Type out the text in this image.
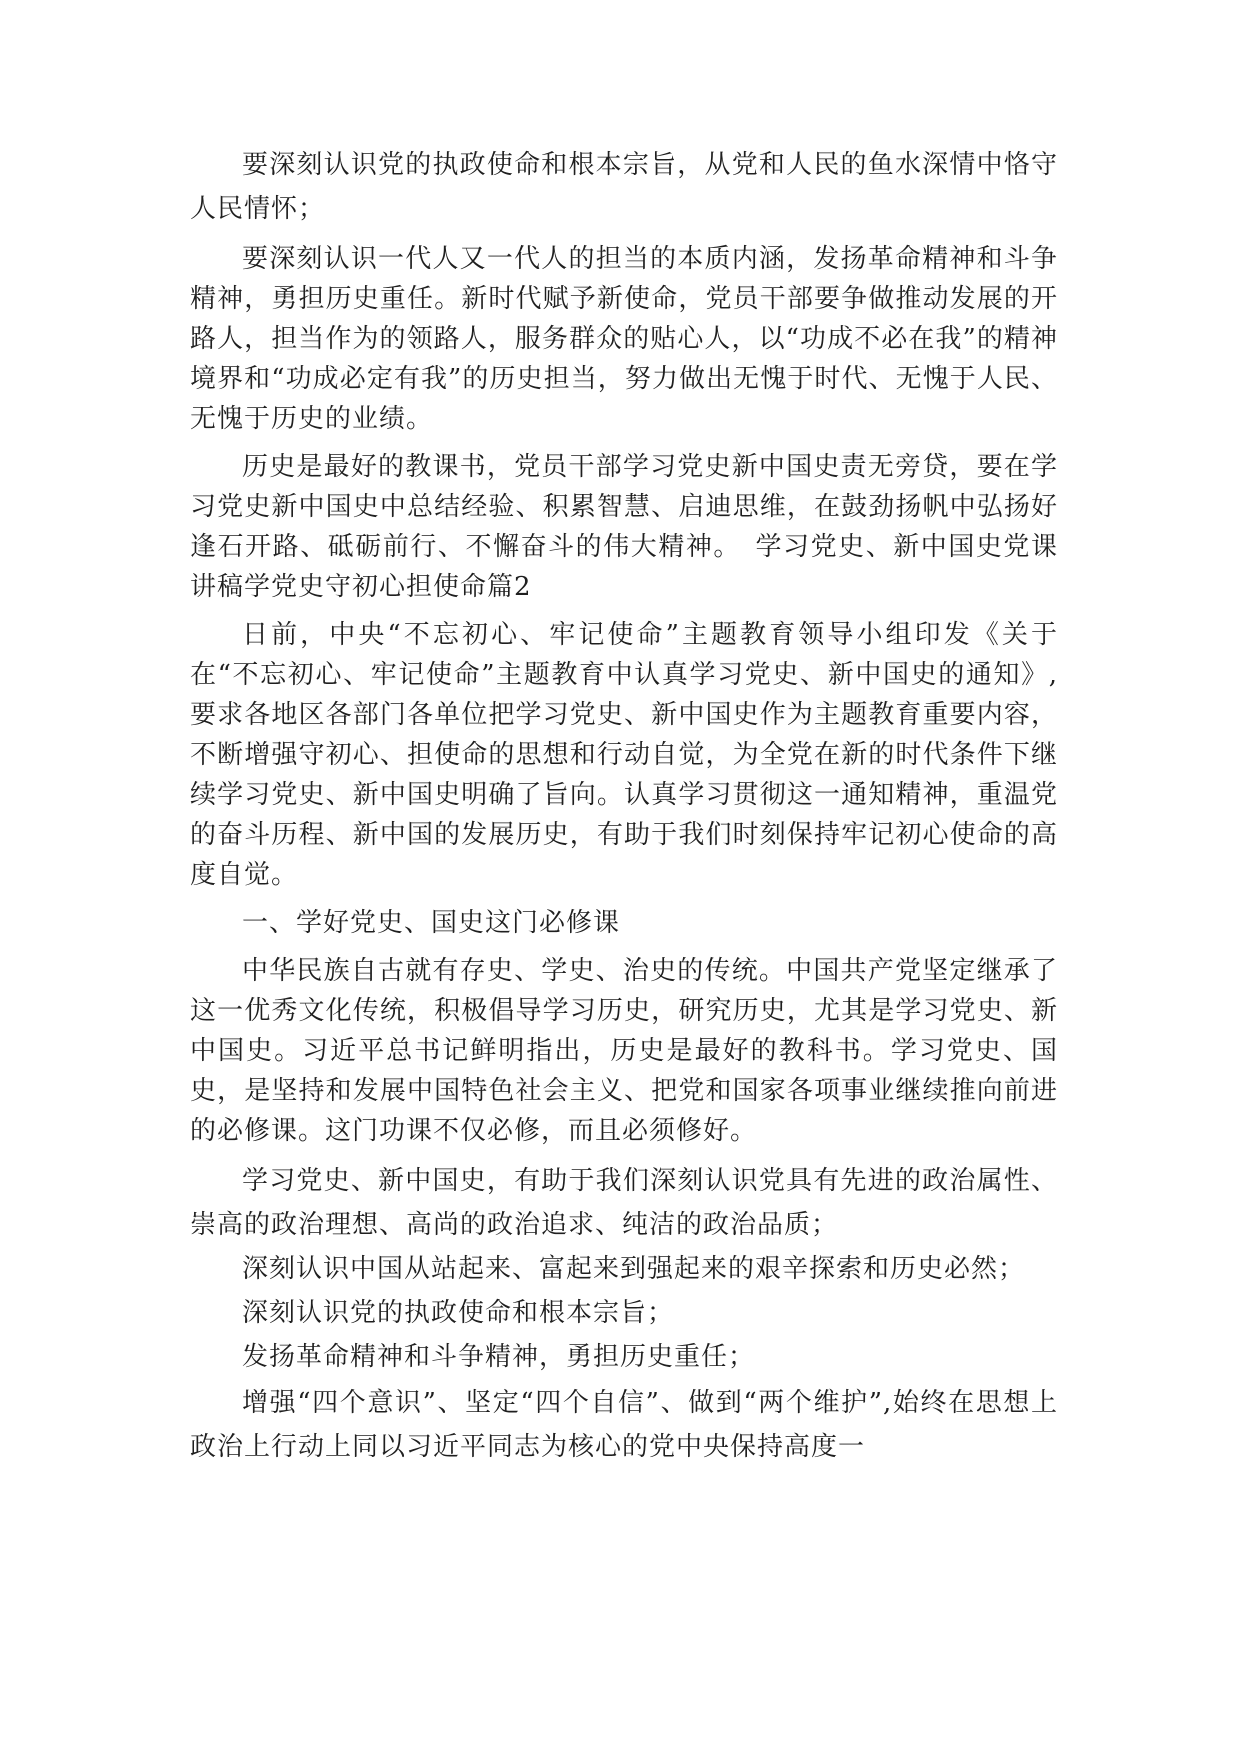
要深刻认识党的执政使命和根本宗旨，从党和人民的鱼水深情中恪守人民情怀；

要深刻认识一代人又一代人的担当的本质内涵，发扬革命精神和斗争精神，勇担历史重任。新时代赋予新使命，党员干部要争做推动发展的开路人，担当作为的领路人，服务群众的贴心人，以“功成不必在我”的精神境界和“功成必定有我”的历史担当，努力做出无愧于时代、无愧于人民、无愧于历史的业绩。

历史是最好的教课书，党员干部学习党史新中国史责无旁贷，要在学习党史新中国史中总结经验、积累智慧、启迪思维，在鼓劲扬帆中弘扬好逢石开路、砥砺前行、不懈奋斗的伟大精神。　学习党史、新中国史党课讲稿学党史守初心担使命篇2

日前，中央“不忘初心、牢记使命”主题教育领导小组印发《关于在“不忘初心、牢记使命”主题教育中认真学习党史、新中国史的通知》,要求各地区各部门各单位把学习党史、新中国史作为主题教育重要内容，不断增强守初心、担使命的思想和行动自觉，为全党在新的时代条件下继续学习党史、新中国史明确了旨向。认真学习贯彻这一通知精神，重温党的奋斗历程、新中国的发展历史，有助于我们时刻保持牢记初心使命的高度自觉。

一、学好党史、国史这门必修课

中华民族自古就有存史、学史、治史的传统。中国共产党坚定继承了这一优秀文化传统，积极倡导学习历史，研究历史，尤其是学习党史、新中国史。习近平总书记鲜明指出，历史是最好的教科书。学习党史、国史，是坚持和发展中国特色社会主义、把党和国家各项事业继续推向前进的必修课。这门功课不仅必修，而且必须修好。

学习党史、新中国史，有助于我们深刻认识党具有先进的政治属性、崇高的政治理想、高尚的政治追求、纯洁的政治品质；

深刻认识中国从站起来、富起来到强起来的艰辛探索和历史必然；

深刻认识党的执政使命和根本宗旨；

发扬革命精神和斗争精神，勇担历史重任；

增强“四个意识”、坚定“四个自信”、做到“两个维护”,始终在思想上政治上行动上同以习近平同志为核心的党中央保持高度一
